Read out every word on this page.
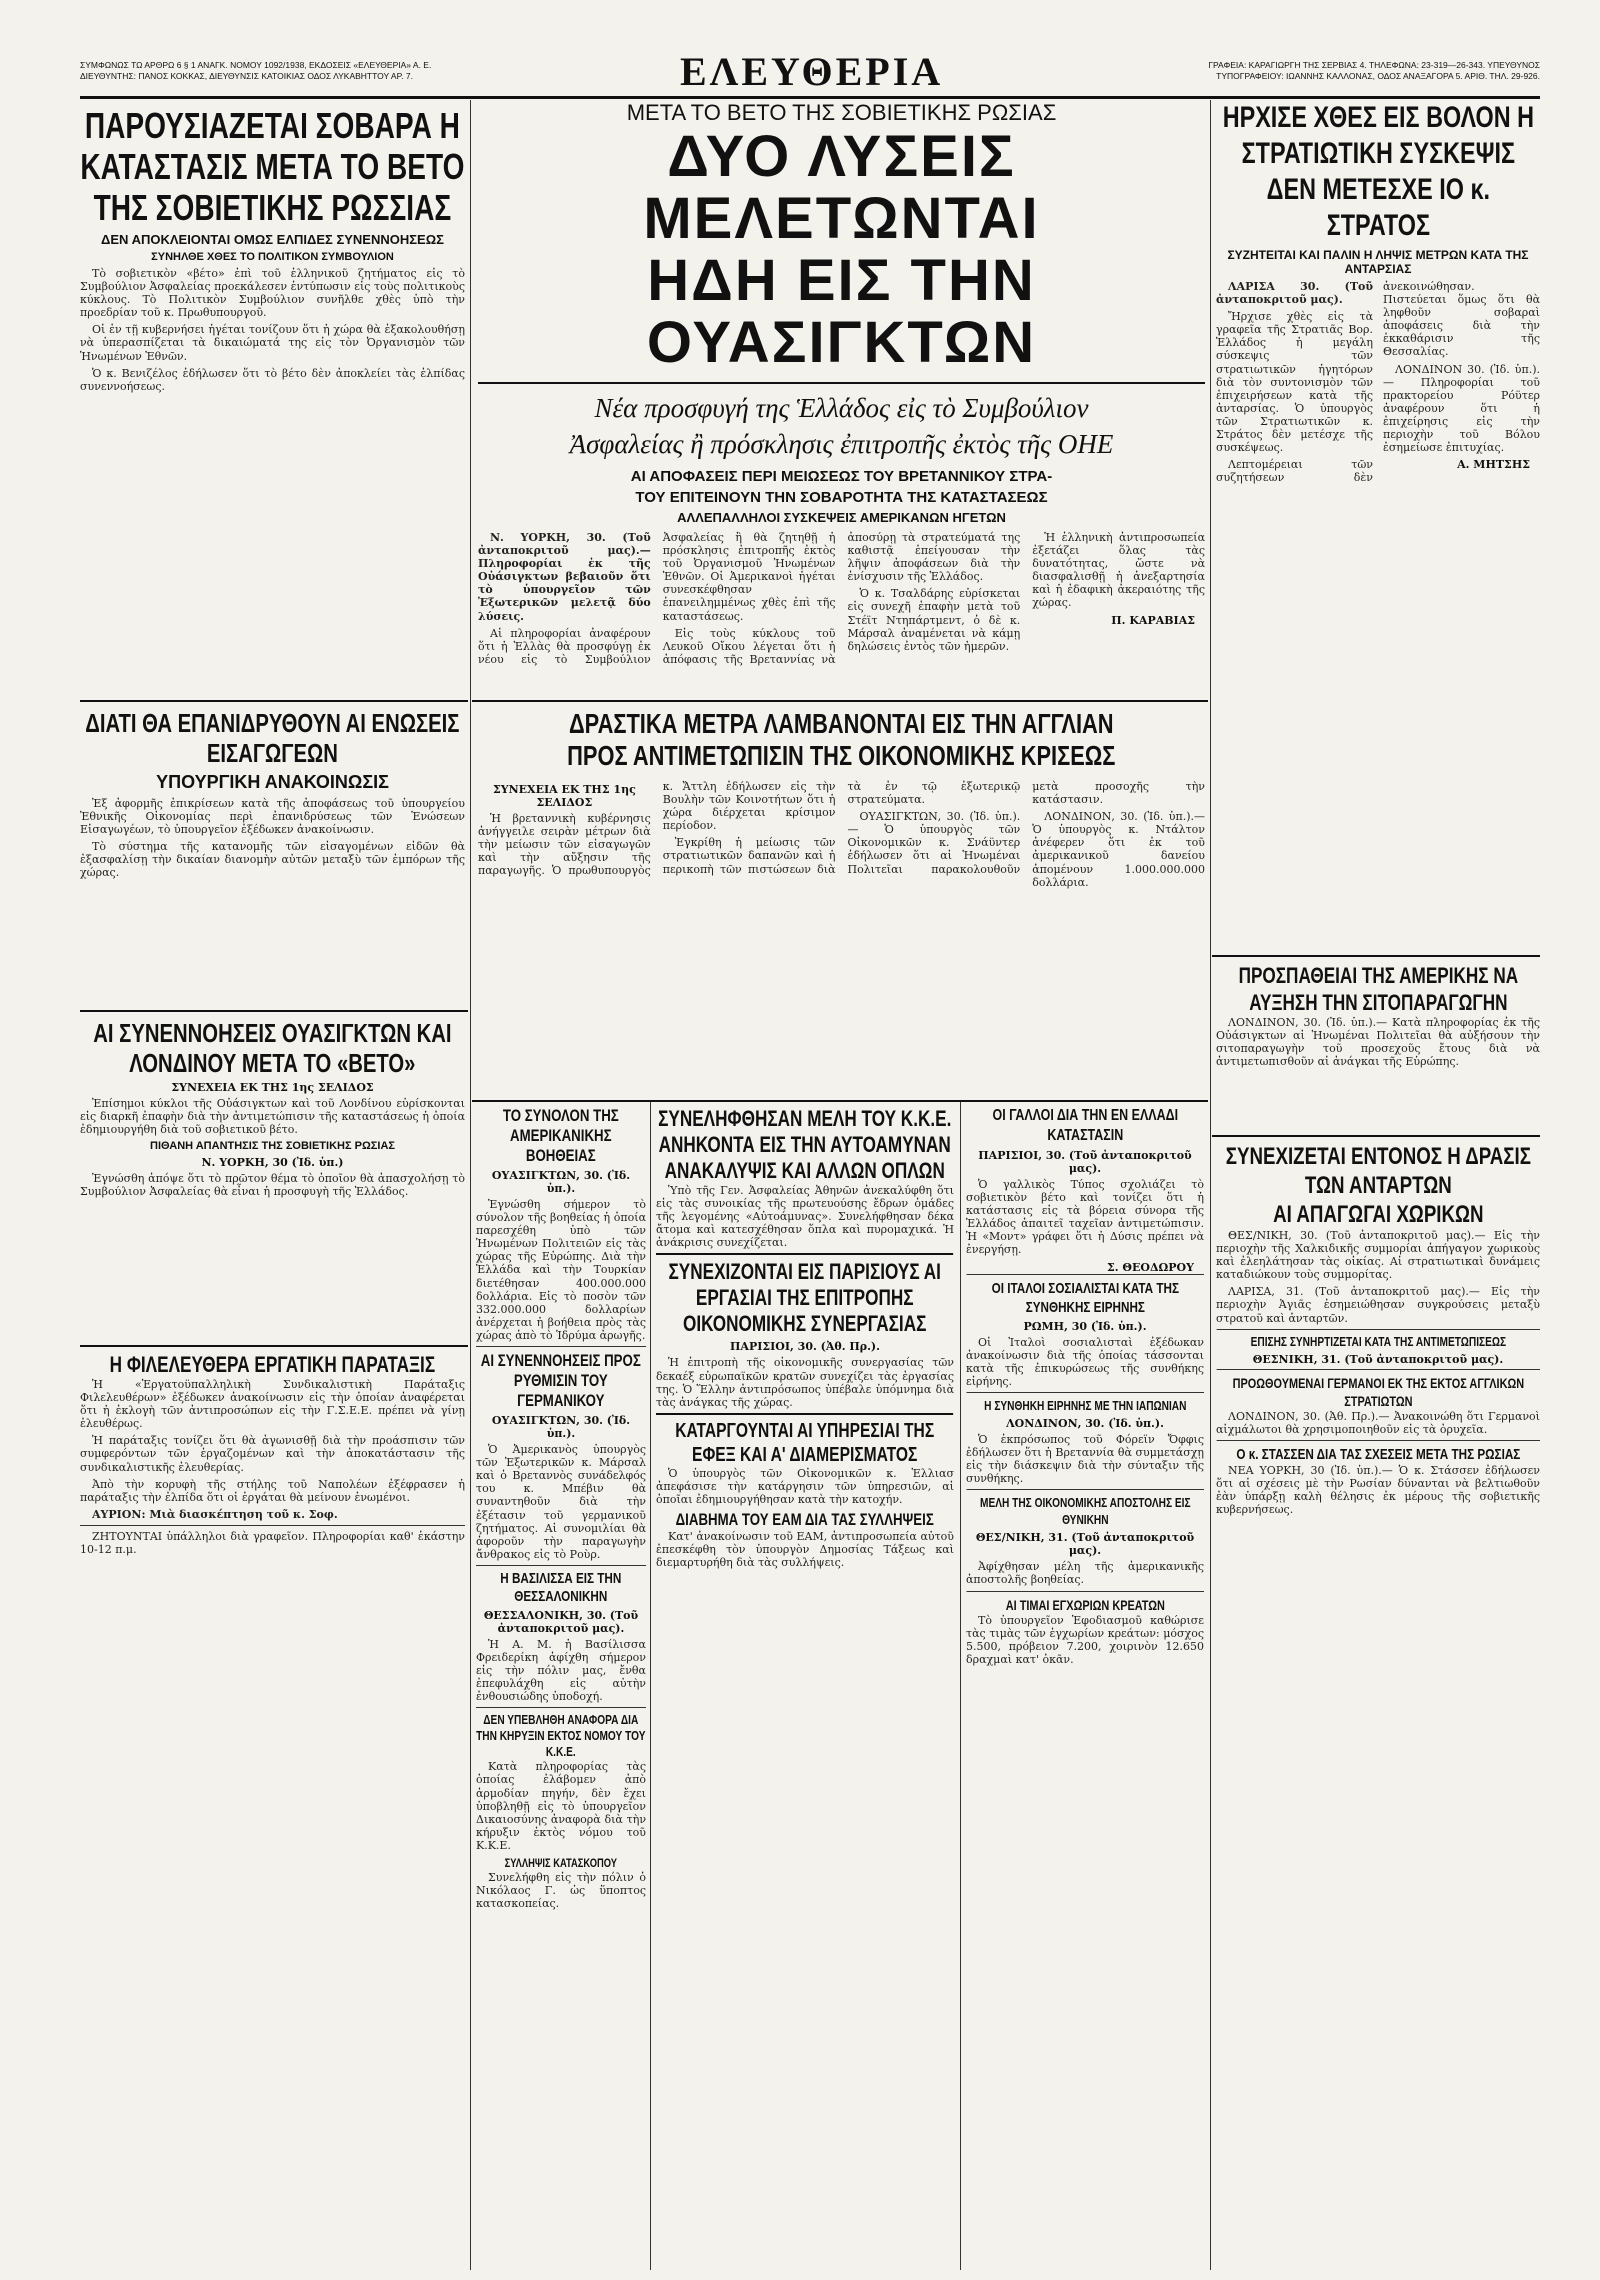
ΣΥΜΦΩΝΩΣ ΤΩ ΑΡΘΡΩ 6 § 1 ΑΝΑΓΚ. ΝΟΜΟΥ 1092/1938, ΕΚΔΟΣΕΙΣ «ΕΛΕΥΘΕΡΙΑ» Α. Ε.
ΔΙΕΥΘΥΝΤΗΣ: ΠΑΝΟΣ ΚΟΚΚΑΣ, ΔΙΕΥΘΥΝΣΙΣ ΚΑΤΟΙΚΙΑΣ ΟΔΟΣ ΛΥΚΑΒΗΤΤΟΥ ΑΡ. 7.	ΕΛΕΥΘΕΡΙΑ	ΓΡΑΦΕΙΑ: ΚΑΡΑΓΙΩΡΓΗ ΤΗΣ ΣΕΡΒΙΑΣ 4. ΤΗΛΕΦΩΝΑ: 23-319—26-343. ΥΠΕΥΘΥΝΟΣ
ΤΥΠΟΓΡΑΦΕΙΟΥ: ΙΩΑΝΝΗΣ ΚΑΛΛΟΝΑΣ, ΟΔΟΣ ΑΝΑΞΑΓΟΡΑ 5. ΑΡΙΘ. ΤΗΛ. 29-926.
ΠΑΡΟΥΣΙΑΖΕΤΑΙ ΣΟΒΑΡΑ Η ΚΑΤΑΣΤΑΣΙΣ ΜΕΤΑ ΤΟ ΒΕΤΟ ΤΗΣ ΣΟΒΙΕΤΙΚΗΣ ΡΩΣΣΙΑΣ
ΔΕΝ ΑΠΟΚΛΕΙΟΝΤΑΙ ΟΜΩΣ ΕΛΠΙΔΕΣ ΣΥΝΕΝΝΟΗΣΕΩΣ
ΣΥΝΗΛΘΕ ΧΘΕΣ ΤΟ ΠΟΛΙΤΙΚΟΝ ΣΥΜΒΟΥΛΙΟΝ

Τὸ σοβιετικὸν «βέτο» ἐπὶ τοῦ ἑλληνικοῦ ζητήματος εἰς τὸ Συμβούλιον Ἀσφαλείας προεκάλεσεν ἐντύπωσιν εἰς τοὺς πολιτικοὺς κύκλους. Τὸ Πολιτικὸν Συμβούλιον συνῆλθε χθὲς ὑπὸ τὴν προεδρίαν τοῦ κ. Πρωθυπουργοῦ.

Οἱ ἐν τῇ κυβερνήσει ἡγέται τονίζουν ὅτι ἡ χώρα θὰ ἐξακολουθήσῃ νὰ ὑπερασπίζεται τὰ δικαιώματά της εἰς τὸν Ὀργανισμὸν τῶν Ἡνωμένων Ἐθνῶν.

Ὁ κ. Βενιζέλος ἐδήλωσεν ὅτι τὸ βέτο δὲν ἀποκλείει τὰς ἐλπίδας συνεννοήσεως.

ΔΙΑΤΙ ΘΑ ΕΠΑΝΙΔΡΥΘΟΥΝ ΑΙ ΕΝΩΣΕΙΣ ΕΙΣΑΓΩΓΕΩΝ
ΥΠΟΥΡΓΙΚΗ ΑΝΑΚΟΙΝΩΣΙΣ

Ἐξ ἀφορμῆς ἐπικρίσεων κατὰ τῆς ἀποφάσεως τοῦ ὑπουργείου Ἐθνικῆς Οἰκονομίας περὶ ἐπανιδρύσεως τῶν Ἑνώσεων Εἰσαγωγέων, τὸ ὑπουργεῖον ἐξέδωκεν ἀνακοίνωσιν.

Τὸ σύστημα τῆς κατανομῆς τῶν εἰσαγομένων εἰδῶν θὰ ἐξασφαλίσῃ τὴν δικαίαν διανομὴν αὐτῶν μεταξὺ τῶν ἐμπόρων τῆς χώρας.

ΑΙ ΣΥΝΕΝΝΟΗΣΕΙΣ ΟΥΑΣΙΓΚΤΩΝ ΚΑΙ ΛΟΝΔΙΝΟΥ ΜΕΤΑ ΤΟ «ΒΕΤΟ»
ΣΥΝΕΧΕΙΑ ΕΚ ΤΗΣ 1ης ΣΕΛΙΔΟΣ

Ἐπίσημοι κύκλοι τῆς Οὐάσιγκτων καὶ τοῦ Λονδίνου εὑρίσκονται εἰς διαρκῆ ἐπαφὴν διὰ τὴν ἀντιμετώπισιν τῆς καταστάσεως ἡ ὁποία ἐδημιουργήθη διὰ τοῦ σοβιετικοῦ βέτο.

ΠΙΘΑΝΗ ΑΠΑΝΤΗΣΙΣ ΤΗΣ ΣΟΒΙΕΤΙΚΗΣ ΡΩΣΙΑΣ
Ν. ΥΟΡΚΗ, 30 (Ἰδ. ὑπ.)

Ἐγνώσθη ἀπόψε ὅτι τὸ πρῶτον θέμα τὸ ὁποῖον θὰ ἀπασχολήσῃ τὸ Συμβούλιον Ἀσφαλείας θὰ εἶναι ἡ προσφυγὴ τῆς Ἑλλάδος.

Η ΦΙΛΕΛΕΥΘΕΡΑ ΕΡΓΑΤΙΚΗ ΠΑΡΑΤΑΞΙΣ

Ἡ «Ἐργατοϋπαλληλικὴ Συνδικαλιστικὴ Παράταξις Φιλελευθέρων» ἐξέδωκεν ἀνακοίνωσιν εἰς τὴν ὁποίαν ἀναφέρεται ὅτι ἡ ἐκλογὴ τῶν ἀντιπροσώπων εἰς τὴν Γ.Σ.Ε.Ε. πρέπει νὰ γίνῃ ἐλευθέρως.

Ἡ παράταξις τονίζει ὅτι θὰ ἀγωνισθῇ διὰ τὴν προάσπισιν τῶν συμφερόντων τῶν ἐργαζομένων καὶ τὴν ἀποκατάστασιν τῆς συνδικαλιστικῆς ἐλευθερίας.

Ἀπὸ τὴν κορυφὴ τῆς στήλης τοῦ Ναπολέων ἐξέφρασεν ἡ παράταξις τὴν ἐλπίδα ὅτι οἱ ἐργάται θὰ μείνουν ἑνωμένοι.

ΑΥΡΙΟΝ: Μιὰ διασκέπτηση τοῦ κ. Σοφ.

ΖΗΤΟΥΝΤΑΙ ὑπάλληλοι διὰ γραφεῖον. Πληροφορίαι καθ' ἑκάστην 10-12 π.μ.

ΜΕΤΑ ΤΟ ΒΕΤΟ ΤΗΣ ΣΟΒΙΕΤΙΚΗΣ ΡΩΣΙΑΣ
ΔΥΟ ΛΥΣΕΙΣ ΜΕΛΕΤΩΝΤΑΙ
ΗΔΗ ΕΙΣ ΤΗΝ ΟΥΑΣΙΓΚΤΩΝ
Νέα προσφυγή της Ἑλλάδος εἰς τὸ Συμβούλιον
Ἀσφαλείας ἢ πρόσκλησις ἐπιτροπῆς ἐκτὸς τῆς ΟΗΕ
ΑΙ ΑΠΟΦΑΣΕΙΣ ΠΕΡΙ ΜΕΙΩΣΕΩΣ ΤΟΥ ΒΡΕΤΑΝΝΙΚΟΥ ΣΤΡΑ-
ΤΟΥ ΕΠΙΤΕΙΝΟΥΝ ΤΗΝ ΣΟΒΑΡΟΤΗΤΑ ΤΗΣ ΚΑΤΑΣΤΑΣΕΩΣ
ΑΛΛΕΠΑΛΛΗΛΟΙ ΣΥΣΚΕΨΕΙΣ ΑΜΕΡΙΚΑΝΩΝ ΗΓΕΤΩΝ

Ν. ΥΟΡΚΗ, 30. (Τοῦ ἀνταποκριτοῦ μας).— Πληροφορίαι ἐκ τῆς Οὐάσιγκτων βεβαιοῦν ὅτι τὸ ὑπουργεῖον τῶν Ἐξωτερικῶν μελετᾷ δύο λύσεις.

Αἱ πληροφορίαι ἀναφέρουν ὅτι ἡ Ἑλλὰς θὰ προσφύγῃ ἐκ νέου εἰς τὸ Συμβούλιον Ἀσφαλείας ἢ θὰ ζητηθῇ ἡ πρόσκλησις ἐπιτροπῆς ἐκτὸς τοῦ Ὀργανισμοῦ Ἡνωμένων Ἐθνῶν. Οἱ Ἀμερικανοὶ ἡγέται συνεσκέφθησαν ἐπανειλημμένως χθὲς ἐπὶ τῆς καταστάσεως.

Εἰς τοὺς κύκλους τοῦ Λευκοῦ Οἴκου λέγεται ὅτι ἡ ἀπόφασις τῆς Βρεταννίας νὰ ἀποσύρῃ τὰ στρατεύματά της καθιστᾷ ἐπείγουσαν τὴν λῆψιν ἀποφάσεων διὰ τὴν ἐνίσχυσιν τῆς Ἑλλάδος.

Ὁ κ. Τσαλδάρης εὑρίσκεται εἰς συνεχῆ ἐπαφὴν μετὰ τοῦ Στέϊτ Ντηπάρτμεντ, ὁ δὲ κ. Μάρσαλ ἀναμένεται νὰ κάμῃ δηλώσεις ἐντὸς τῶν ἡμερῶν.

Ἡ ἑλληνικὴ ἀντιπροσωπεία ἐξετάζει ὅλας τὰς δυνατότητας, ὥστε νὰ διασφαλισθῇ ἡ ἀνεξαρτησία καὶ ἡ ἐδαφικὴ ἀκεραιότης τῆς χώρας.

Π. ΚΑΡΑΒΙΑΣ
ΔΡΑΣΤΙΚΑ ΜΕΤΡΑ ΛΑΜΒΑΝΟΝΤΑΙ ΕΙΣ ΤΗΝ ΑΓΓΛΙΑΝ
ΠΡΟΣ ΑΝΤΙΜΕΤΩΠΙΣΙΝ ΤΗΣ ΟΙΚΟΝΟΜΙΚΗΣ ΚΡΙΣΕΩΣ
ΣΥΝΕΧΕΙΑ ΕΚ ΤΗΣ 1ης ΣΕΛΙΔΟΣ

Ἡ βρεταννικὴ κυβέρνησις ἀνήγγειλε σειρὰν μέτρων διὰ τὴν μείωσιν τῶν εἰσαγωγῶν καὶ τὴν αὔξησιν τῆς παραγωγῆς. Ὁ πρωθυπουργὸς κ. Ἄττλη ἐδήλωσεν εἰς τὴν Βουλὴν τῶν Κοινοτήτων ὅτι ἡ χώρα διέρχεται κρίσιμον περίοδον.

Ἐγκρίθη ἡ μείωσις τῶν στρατιωτικῶν δαπανῶν καὶ ἡ περικοπὴ τῶν πιστώσεων διὰ τὰ ἐν τῷ ἐξωτερικῷ στρατεύματα.

ΟΥΑΣΙΓΚΤΩΝ, 30. (Ἰδ. ὑπ.).— Ὁ ὑπουργὸς τῶν Οἰκονομικῶν κ. Σνάϋντερ ἐδήλωσεν ὅτι αἱ Ἡνωμέναι Πολιτεῖαι παρακολουθοῦν μετὰ προσοχῆς τὴν κατάστασιν.

ΛΟΝΔΙΝΟΝ, 30. (Ἰδ. ὑπ.).— Ὁ ὑπουργὸς κ. Ντάλτον ἀνέφερεν ὅτι ἐκ τοῦ ἀμερικανικοῦ δανείου ἀπομένουν 1.000.000.000 δολλάρια.

ΤΟ ΣΥΝΟΛΟΝ ΤΗΣ ΑΜΕΡΙΚΑΝΙΚΗΣ ΒΟΗΘΕΙΑΣ
ΟΥΑΣΙΓΚΤΩΝ, 30. (Ἰδ. ὑπ.).

Ἐγνώσθη σήμερον τὸ σύνολον τῆς βοηθείας ἡ ὁποία παρεσχέθη ὑπὸ τῶν Ἡνωμένων Πολιτειῶν εἰς τὰς χώρας τῆς Εὐρώπης. Διὰ τὴν Ἑλλάδα καὶ τὴν Τουρκίαν διετέθησαν 400.000.000 δολλάρια. Εἰς τὸ ποσὸν τῶν 332.000.000 δολλαρίων ἀνέρχεται ἡ βοήθεια πρὸς τὰς χώρας ἀπὸ τὸ Ἱδρύμα ἀρωγῆς.

ΑΙ ΣΥΝΕΝΝΟΗΣΕΙΣ ΠΡΟΣ ΡΥΘΜΙΣΙΝ ΤΟΥ ΓΕΡΜΑΝΙΚΟΥ
ΟΥΑΣΙΓΚΤΩΝ, 30. (Ἰδ. ὑπ.).

Ὁ Ἀμερικανὸς ὑπουργὸς τῶν Ἐξωτερικῶν κ. Μάρσαλ καὶ ὁ Βρεταννὸς συνάδελφός του κ. Μπέβιν θὰ συναντηθοῦν διὰ τὴν ἐξέτασιν τοῦ γερμανικοῦ ζητήματος. Αἱ συνομιλίαι θὰ ἀφοροῦν τὴν παραγωγὴν ἄνθρακος εἰς τὸ Ροὺρ.

Η ΒΑΣΙΛΙΣΣΑ ΕΙΣ ΤΗΝ ΘΕΣΣΑΛΟΝΙΚΗΝ
ΘΕΣΣΑΛΟΝΙΚΗ, 30. (Τοῦ ἀνταποκριτοῦ μας).

Ἡ Α. Μ. ἡ Βασίλισσα Φρειδερίκη ἀφίχθη σήμερον εἰς τὴν πόλιν μας, ἔνθα ἐπεφυλάχθη εἰς αὐτὴν ἐνθουσιώδης ὑποδοχή.

ΔΕΝ ΥΠΕΒΛΗΘΗ ΑΝΑΦΟΡΑ ΔΙΑ ΤΗΝ ΚΗΡΥΞΙΝ ΕΚΤΟΣ ΝΟΜΟΥ ΤΟΥ Κ.Κ.Ε.

Κατὰ πληροφορίας τὰς ὁποίας ἐλάβομεν ἀπὸ ἁρμοδίαν πηγήν, δὲν ἔχει ὑποβληθῇ εἰς τὸ ὑπουργεῖον Δικαιοσύνης ἀναφορὰ διὰ τὴν κήρυξιν ἐκτὸς νόμου τοῦ Κ.Κ.Ε.

ΣΥΛΛΗΨΙΣ ΚΑΤΑΣΚΟΠΟΥ

Συνελήφθη εἰς τὴν πόλιν ὁ Νικόλαος Γ. ὡς ὕποπτος κατασκοπείας.

ΣΥΝΕΛΗΦΘΗΣΑΝ ΜΕΛΗ ΤΟΥ Κ.Κ.Ε. ΑΝΗΚΟΝΤΑ ΕΙΣ ΤΗΝ ΑΥΤΟΑΜΥΝΑΝ
ΑΝΑΚΑΛΥΨΙΣ ΚΑΙ ΑΛΛΩΝ ΟΠΛΩΝ

Ὑπὸ τῆς Γεν. Ἀσφαλείας Ἀθηνῶν ἀνεκαλύφθη ὅτι εἰς τὰς συνοικίας τῆς πρωτευούσης ἔδρων ὁμάδες τῆς λεγομένης «Αὐτοάμυνας». Συνελήφθησαν δέκα ἄτομα καὶ κατεσχέθησαν ὅπλα καὶ πυρομαχικά. Ἡ ἀνάκρισις συνεχίζεται.

ΣΥΝΕΧΙΖΟΝΤΑΙ ΕΙΣ ΠΑΡΙΣΙΟΥΣ ΑΙ ΕΡΓΑΣΙΑΙ ΤΗΣ ΕΠΙΤΡΟΠΗΣ ΟΙΚΟΝΟΜΙΚΗΣ ΣΥΝΕΡΓΑΣΙΑΣ
ΠΑΡΙΣΙΟΙ, 30. (Ἀθ. Πρ.).

Ἡ ἐπιτροπὴ τῆς οἰκονομικῆς συνεργασίας τῶν δεκαέξ εὐρωπαϊκῶν κρατῶν συνεχίζει τὰς ἐργασίας της. Ὁ Ἕλλην ἀντιπρόσωπος ὑπέβαλε ὑπόμνημα διὰ τὰς ἀνάγκας τῆς χώρας.

ΚΑΤΑΡΓΟΥΝΤΑΙ ΑΙ ΥΠΗΡΕΣΙΑΙ ΤΗΣ ΕΦΕΞ ΚΑΙ Α' ΔΙΑΜΕΡΙΣΜΑΤΟΣ

Ὁ ὑπουργὸς τῶν Οἰκονομικῶν κ. Ἑλλιασ ἀπεφάσισε τὴν κατάργησιν τῶν ὑπηρεσιῶν, αἱ ὁποῖαι ἐδημιουργήθησαν κατὰ τὴν κατοχήν.

ΔΙΑΒΗΜΑ ΤΟΥ ΕΑΜ ΔΙΑ ΤΑΣ ΣΥΛΛΗΨΕΙΣ

Κατ' ἀνακοίνωσιν τοῦ ΕΑΜ, ἀντιπροσωπεία αὐτοῦ ἐπεσκέφθη τὸν ὑπουργὸν Δημοσίας Τάξεως καὶ διεμαρτυρήθη διὰ τὰς συλλήψεις.

ΟΙ ΓΑΛΛΟΙ ΔΙΑ ΤΗΝ ΕΝ ΕΛΛΑΔΙ ΚΑΤΑΣΤΑΣΙΝ
ΠΑΡΙΣΙΟΙ, 30. (Τοῦ ἀνταποκριτοῦ μας).

Ὁ γαλλικὸς Τύπος σχολιάζει τὸ σοβιετικὸν βέτο καὶ τονίζει ὅτι ἡ κατάστασις εἰς τὰ βόρεια σύνορα τῆς Ἑλλάδος ἀπαιτεῖ ταχεῖαν ἀντιμετώπισιν. Ἡ «Μοντ» γράφει ὅτι ἡ Δύσις πρέπει νὰ ἐνεργήσῃ.

Σ. ΘΕΟΔΩΡΟΥ
ΟΙ ΙΤΑΛΟΙ ΣΟΣΙΑΛΙΣΤΑΙ ΚΑΤΑ ΤΗΣ ΣΥΝΘΗΚΗΣ ΕΙΡΗΝΗΣ
ΡΩΜΗ, 30 (Ἰδ. ὑπ.).

Οἱ Ἰταλοὶ σοσιαλισταὶ ἐξέδωκαν ἀνακοίνωσιν διὰ τῆς ὁποίας τάσσονται κατὰ τῆς ἐπικυρώσεως τῆς συνθήκης εἰρήνης.

Η ΣΥΝΘΗΚΗ ΕΙΡΗΝΗΣ ΜΕ ΤΗΝ ΙΑΠΩΝΙΑΝ
ΛΟΝΔΙΝΟΝ, 30. (Ἰδ. ὑπ.).

Ὁ ἐκπρόσωπος τοῦ Φόρεϊν Ὄφφις ἐδήλωσεν ὅτι ἡ Βρεταννία θὰ συμμετάσχῃ εἰς τὴν διάσκεψιν διὰ τὴν σύνταξιν τῆς συνθήκης.

ΜΕΛΗ ΤΗΣ ΟΙΚΟΝΟΜΙΚΗΣ ΑΠΟΣΤΟΛΗΣ ΕΙΣ ΘΥΝΙΚΗΝ
ΘΕΣ/ΝΙΚΗ, 31. (Τοῦ ἀνταποκριτοῦ μας).

Ἀφίχθησαν μέλη τῆς ἀμερικανικῆς ἀποστολῆς βοηθείας.

ΑΙ ΤΙΜΑΙ ΕΓΧΩΡΙΩΝ ΚΡΕΑΤΩΝ

Τὸ ὑπουργεῖον Ἐφοδιασμοῦ καθώρισε τὰς τιμὰς τῶν ἐγχωρίων κρεάτων: μόσχος 5.500, πρόβειον 7.200, χοιρινὸν 12.650 δραχμαὶ κατ' ὀκᾶν.

ΗΡΧΙΣΕ ΧΘΕΣ ΕΙΣ ΒΟΛΟΝ Η ΣΤΡΑΤΙΩΤΙΚΗ ΣΥΣΚΕΨΙΣ
ΔΕΝ ΜΕΤΕΣΧΕ ΙΟ κ. ΣΤΡΑΤΟΣ
ΣΥΖΗΤΕΙΤΑΙ ΚΑΙ ΠΑΛΙΝ Η ΛΗΨΙΣ ΜΕΤΡΩΝ ΚΑΤΑ ΤΗΣ ΑΝΤΑΡΣΙΑΣ

ΛΑΡΙΣΑ 30. (Τοῦ ἀνταποκριτοῦ μας).

Ἤρχισε χθὲς εἰς τὰ γραφεῖα τῆς Στρατιᾶς Βορ. Ἑλλάδος ἡ μεγάλη σύσκεψις τῶν στρατιωτικῶν ἡγητόρων διὰ τὸν συντονισμὸν τῶν ἐπιχειρήσεων κατὰ τῆς ἀνταρσίας. Ὁ ὑπουργὸς τῶν Στρατιωτικῶν κ. Στράτος δὲν μετέσχε τῆς συσκέψεως.

Λεπτομέρειαι τῶν συζητήσεων δὲν ἀνεκοινώθησαν. Πιστεύεται ὅμως ὅτι θὰ ληφθοῦν σοβαραὶ ἀποφάσεις διὰ τὴν ἐκκαθάρισιν τῆς Θεσσαλίας.

ΛΟΝΔΙΝΟΝ 30. (Ἰδ. ὑπ.).— Πληροφορίαι τοῦ πρακτορείου Ρόϋτερ ἀναφέρουν ὅτι ἡ ἐπιχείρησις εἰς τὴν περιοχὴν τοῦ Βόλου ἐσημείωσε ἐπιτυχίας.

Α. ΜΗΤΣΗΣ
ΠΡΟΣΠΑΘΕΙΑΙ ΤΗΣ ΑΜΕΡΙΚΗΣ ΝΑ ΑΥΞΗΣΗ ΤΗΝ ΣΙΤΟΠΑΡΑΓΩΓΗΝ

ΛΟΝΔΙΝΟΝ, 30. (Ἰδ. ὑπ.).— Κατὰ πληροφορίας ἐκ τῆς Οὐάσιγκτων αἱ Ἡνωμέναι Πολιτεῖαι θὰ αὐξήσουν τὴν σιτοπαραγωγὴν τοῦ προσεχοῦς ἔτους διὰ νὰ ἀντιμετωπισθοῦν αἱ ἀνάγκαι τῆς Εὐρώπης.

ΣΥΝΕΧΙΖΕΤΑΙ ΕΝΤΟΝΟΣ Η ΔΡΑΣΙΣ ΤΩΝ ΑΝΤΑΡΤΩΝ
ΑΙ ΑΠΑΓΩΓΑΙ ΧΩΡΙΚΩΝ

ΘΕΣ/ΝΙΚΗ, 30. (Τοῦ ἀνταποκριτοῦ μας).— Εἰς τὴν περιοχὴν τῆς Χαλκιδικῆς συμμορίαι ἀπήγαγον χωρικοὺς καὶ ἐλεηλάτησαν τὰς οἰκίας. Αἱ στρατιωτικαὶ δυνάμεις καταδιώκουν τοὺς συμμορίτας.

ΛΑΡΙΣΑ, 31. (Τοῦ ἀνταποκριτοῦ μας).— Εἰς τὴν περιοχὴν Ἀγιᾶς ἐσημειώθησαν συγκρούσεις μεταξὺ στρατοῦ καὶ ἀνταρτῶν.

ΕΠΙΣΗΣ ΣΥΝΗΡΤΙΖΕΤΑΙ ΚΑΤΑ ΤΗΣ ΑΝΤΙΜΕΤΩΠΙΣΕΩΣ
ΘΕΣΝΙΚΗ, 31. (Τοῦ ἀνταποκριτοῦ μας).
ΠΡΟΩΘΟΥΜΕΝΑΙ ΓΕΡΜΑΝΟΙ ΕΚ ΤΗΣ ΕΚΤΟΣ ΑΓΓΛΙΚΩΝ ΣΤΡΑΤΙΩΤΩΝ

ΛΟΝΔΙΝΟΝ, 30. (Ἀθ. Πρ.).— Ἀνακοινώθη ὅτι Γερμανοὶ αἰχμάλωτοι θὰ χρησιμοποιηθοῦν εἰς τὰ ὀρυχεῖα.

Ο κ. ΣΤΑΣΣΕΝ ΔΙΑ ΤΑΣ ΣΧΕΣΕΙΣ ΜΕΤΑ ΤΗΣ ΡΩΣΙΑΣ

ΝΕΑ ΥΟΡΚΗ, 30 (Ἰδ. ὑπ.).— Ὁ κ. Στάσσεν ἐδήλωσεν ὅτι αἱ σχέσεις μὲ τὴν Ρωσίαν δύνανται νὰ βελτιωθοῦν ἐὰν ὑπάρξῃ καλὴ θέλησις ἐκ μέρους τῆς σοβιετικῆς κυβερνήσεως.
